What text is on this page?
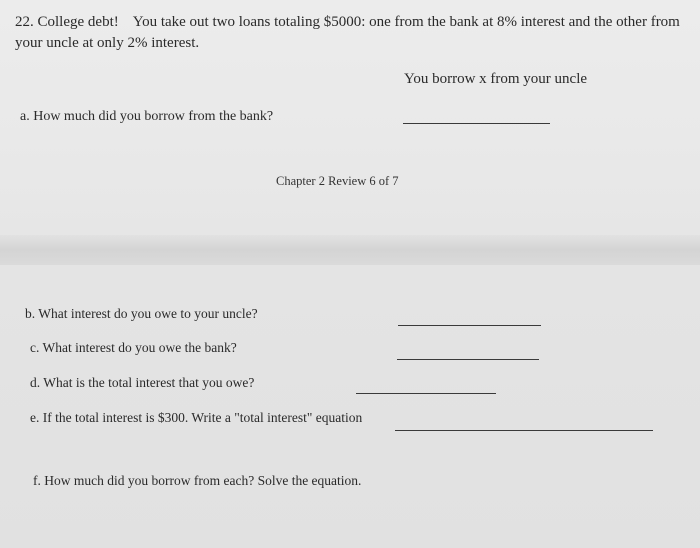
22. College debt! You take out two loans totaling $5000: one from the bank at 8% interest and the other from
your uncle at only 2% interest.
You borrow x from your uncle
a. How much did you borrow from the bank?
Chapter 2 Review 6 of 7
b. What interest do you owe to your uncle?
c. What interest do you owe the bank?
d. What is the total interest that you owe?
e. If the total interest is $300. Write a "total interest" equation
f. How much did you borrow from each? Solve the equation.
